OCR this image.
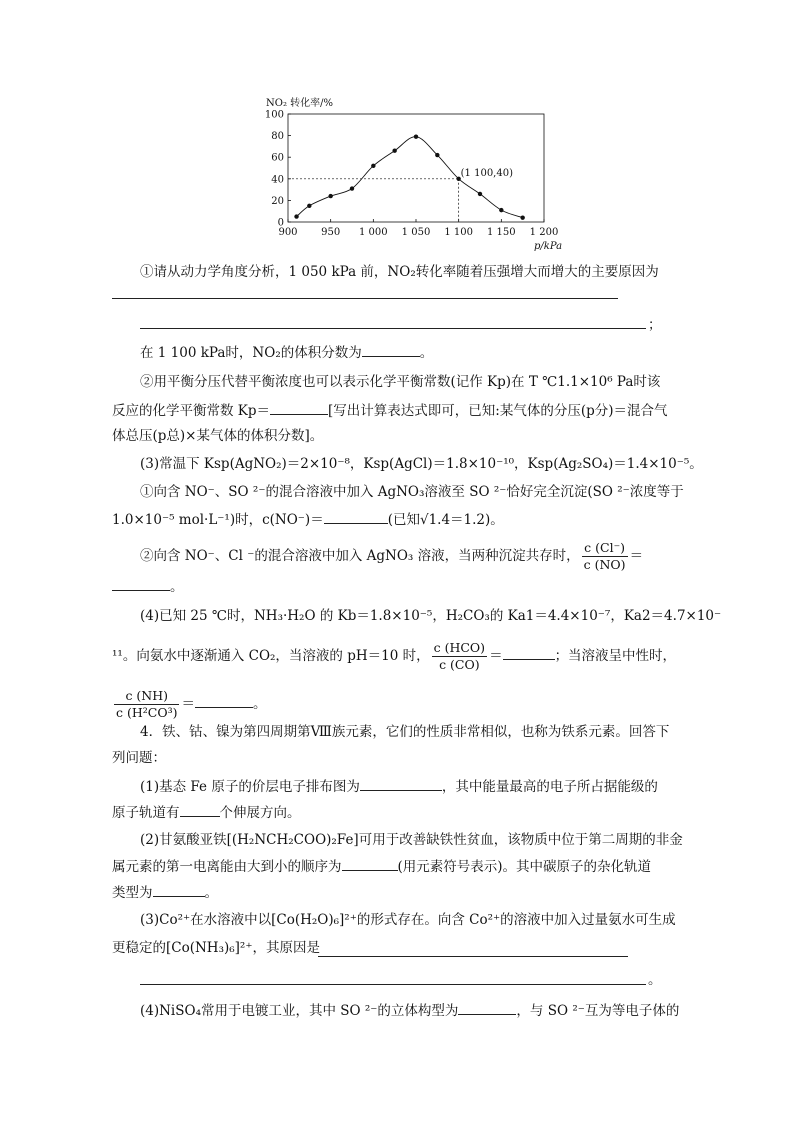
NO₂ 转化率/%
p/kPa
0
20
40
60
80
100
900 950 1 000 1 050 1 100 1 150 1 200
(1 100,40)
①请从动力学角度分析，1 050 kPa 前，NO₂转化率随着压强增大而增大的主要原因为
；
在 1 100 kPa时，NO₂的体积分数为	。
②用平衡分压代替平衡浓度也可以表示化学平衡常数(记作 Kp)在 T ℃1.1×10⁶ Pa时该
反应的化学平衡常数 Kp＝	[写出计算表达式即可，已知:某气体的分压(p分)＝混合气
体总压(p总)×某气体的体积分数]。
(3)常温下 Ksp(AgNO₂)＝2×10⁻⁸，Ksp(AgCl)＝1.8×10⁻¹⁰，Ksp(Ag₂SO₄)＝1.4×10⁻⁵。
①向含 NO⁻、SO ²⁻的混合溶液中加入 AgNO₃溶液至 SO ²⁻恰好完全沉淀(SO ²⁻浓度等于
1.0×10⁻⁵ mol·L⁻¹)时，c(NO⁻)＝	(已知√1.4＝1.2)。
②向含 NO⁻、Cl ⁻的混合溶液中加入 AgNO₃ 溶液，当两种沉淀共存时， $\frac{c (Cl^-)}{c (NO)}$ ＝
。
(4)已知 25 ℃时，NH₃·H₂O 的 Kb＝1.8×10⁻⁵，H₂CO₃的 Ka1＝4.4×10⁻⁷，Ka2＝4.7×10⁻
¹¹。向氨水中逐渐通入 CO₂，当溶液的 pH＝10 时， $\frac{\text{c (HCO)}}{c (CO)}$ ＝	；当溶液呈中性时，
$\frac{c (NH)}{\text{c (H²CO³)}}$ ＝	。
4．铁、钴、镍为第四周期第Ⅷ族元素，它们的性质非常相似，也称为铁系元素。回答下
列问题：
(1)基态 Fe 原子的价层电子排布图为	，其中能量最高的电子所占据能级的
原子轨道有	个伸展方向。
(2)甘氨酸亚铁[(H₂NCH₂COO)₂Fe]可用于改善缺铁性贫血，该物质中位于第二周期的非金
属元素的第一电离能由大到小的顺序为	(用元素符号表示)。其中碳原子的杂化轨道
类型为	。
(3)Co²⁺在水溶液中以[Co(H₂O)₆]²⁺的形式存在。向含 Co²⁺的溶液中加入过量氨水可生成
更稳定的[Co(NH₃)₆]²⁺，其原因是
。
(4)NiSO₄常用于电镀工业，其中 SO ²⁻的立体构型为	，与 SO ²⁻互为等电子体的
